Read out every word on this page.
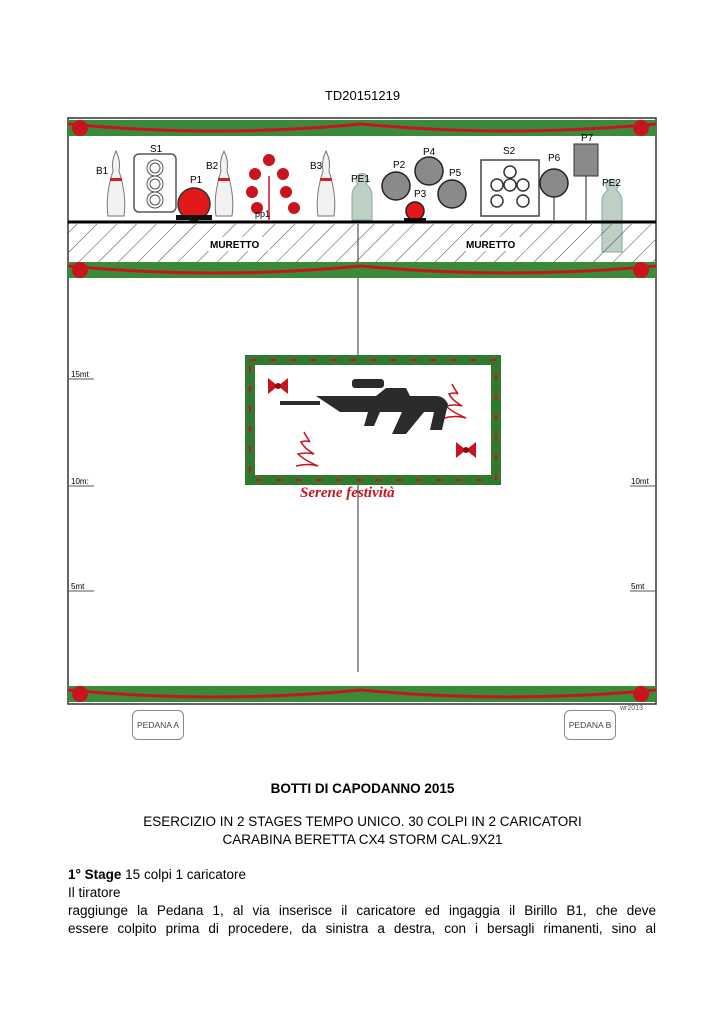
TD20151219
B1
S1
P1
B2
pp1
B3
PE1
P2
P4
P3
P5
S2
P6
P7
PE2
MURETTO	MURETTO
15mt
10m:	10mt
5mt	5mt
Serene festività
PEDANA A	PEDANA B
wr2013
BOTTI DI CAPODANNO 2015
ESERCIZIO IN 2 STAGES TEMPO UNICO. 30 COLPI IN 2 CARICATORI
CARABINA BERETTA CX4 STORM CAL.9X21
1° Stage 15 colpi 1 caricatore
Il tiratore
raggiunge la Pedana 1, al via inserisce il caricatore ed ingaggia il Birillo B1, che deve
essere colpito prima di procedere, da sinistra a destra, con i bersagli rimanenti, sino al
